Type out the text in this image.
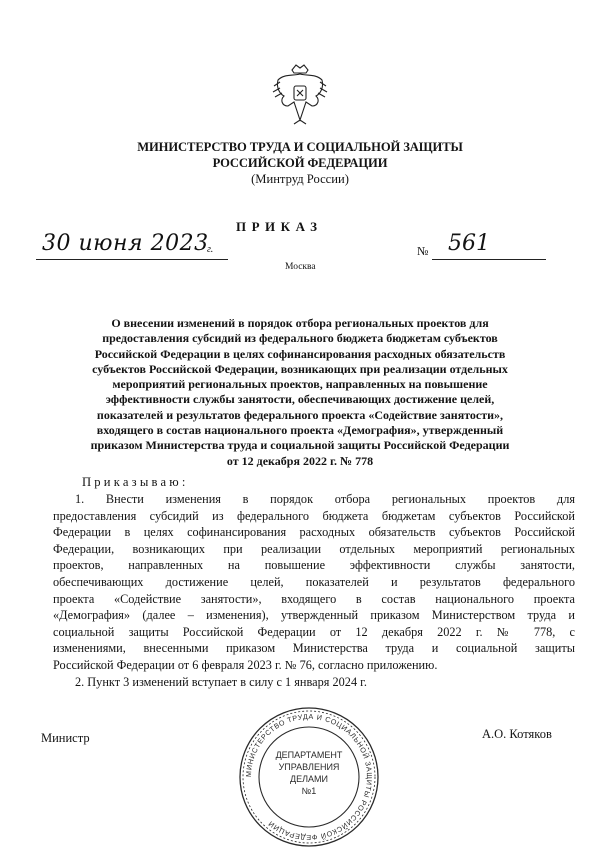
МИНИСТЕРСТВО ТРУДА И СОЦИАЛЬНОЙ ЗАЩИТЫ
РОССИЙСКОЙ ФЕДЕРАЦИИ
(Минтруд России)
ПРИКАЗ
30 июня 2023
г.	№ 561
Москва
О внесении изменений в порядок отбора региональных проектов для
предоставления субсидий из федерального бюджета бюджетам субъектов
Российской Федерации в целях софинансирования расходных обязательств
субъектов Российской Федерации, возникающих при реализации отдельных
мероприятий региональных проектов, направленных на повышение
эффективности службы занятости, обеспечивающих достижение целей,
показателей и результатов федерального проекта «Содействие занятости»,
входящего в состав национального проекта «Демография», утвержденный
приказом Министерства труда и социальной защиты Российской Федерации
от 12 декабря 2022 г. № 778
Приказываю:
1. Внести изменения в порядок отбора региональных проектов для
предоставления субсидий из федерального бюджета бюджетам субъектов Российской
Федерации в целях софинансирования расходных обязательств субъектов Российской
Федерации, возникающих при реализации отдельных мероприятий региональных
проектов, направленных на повышение эффективности службы занятости,
обеспечивающих достижение целей, показателей и результатов федерального
проекта «Содействие занятости», входящего в состав национального проекта
«Демография» (далее – изменения), утвержденный приказом Министерством труда и
социальной защиты Российской Федерации от 12 декабря 2022 г. № 778, с
изменениями, внесенными приказом Министерства труда и социальной защиты
Российской Федерации от 6 февраля 2023 г. № 76, согласно приложению.
2. Пункт 3 изменений вступает в силу с 1 января 2024 г.
Министр	А.О. Котяков
МИНИСТЕРСТВО ТРУДА И СОЦИАЛЬНОЙ ЗАЩИТЫ РОССИЙСКОЙ ФЕДЕРАЦИИ
ДЕПАРТАМЕНТ
УПРАВЛЕНИЯ
ДЕЛАМИ
№1
